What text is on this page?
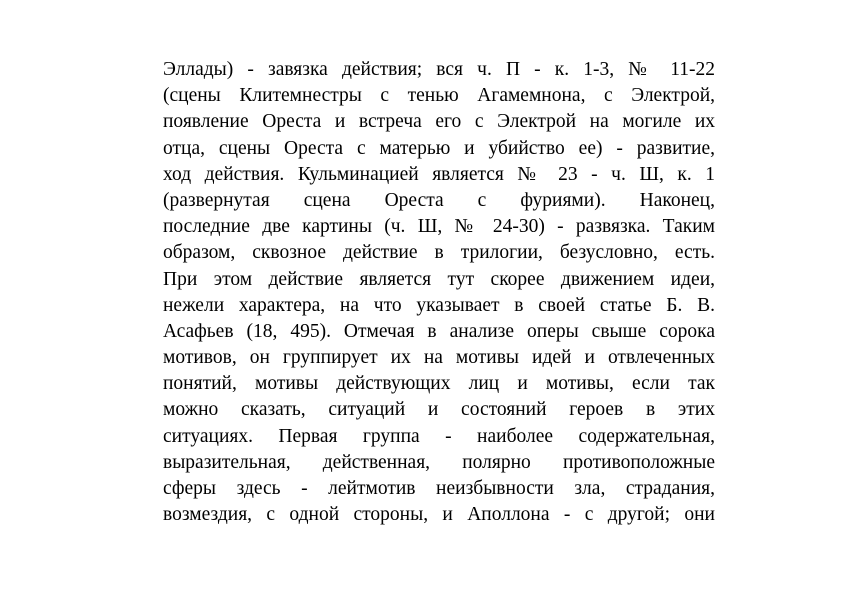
Эллады) - завязка действия; вся ч. П - к. 1-3, № 11-22
(сцены Клитемнестры с тенью Агамемнона, с Электрой,
появление Ореста и встреча его с Электрой на могиле их
отца, сцены Ореста с матерью и убийство ее) - развитие,
ход действия. Кульминацией является № 23 - ч. Ш, к. 1
(развернутая сцена Ореста с фуриями). Наконец,
последние две картины (ч. Ш, № 24-30) - развязка. Таким
образом, сквозное действие в трилогии, безусловно, есть.
При этом действие является тут скорее движением идеи,
нежели характера, на что указывает в своей статье Б. В.
Асафьев (18, 495). Отмечая в анализе оперы свыше сорока
мотивов, он группирует их на мотивы идей и отвлеченных
понятий, мотивы действующих лиц и мотивы, если так
можно сказать, ситуаций и состояний героев в этих
ситуациях. Первая группа - наиболее содержательная,
выразительная, действенная, полярно противоположные
сферы здесь - лейтмотив неизбывности зла, страдания,
возмездия, с одной стороны, и Аполлона - с другой; они
